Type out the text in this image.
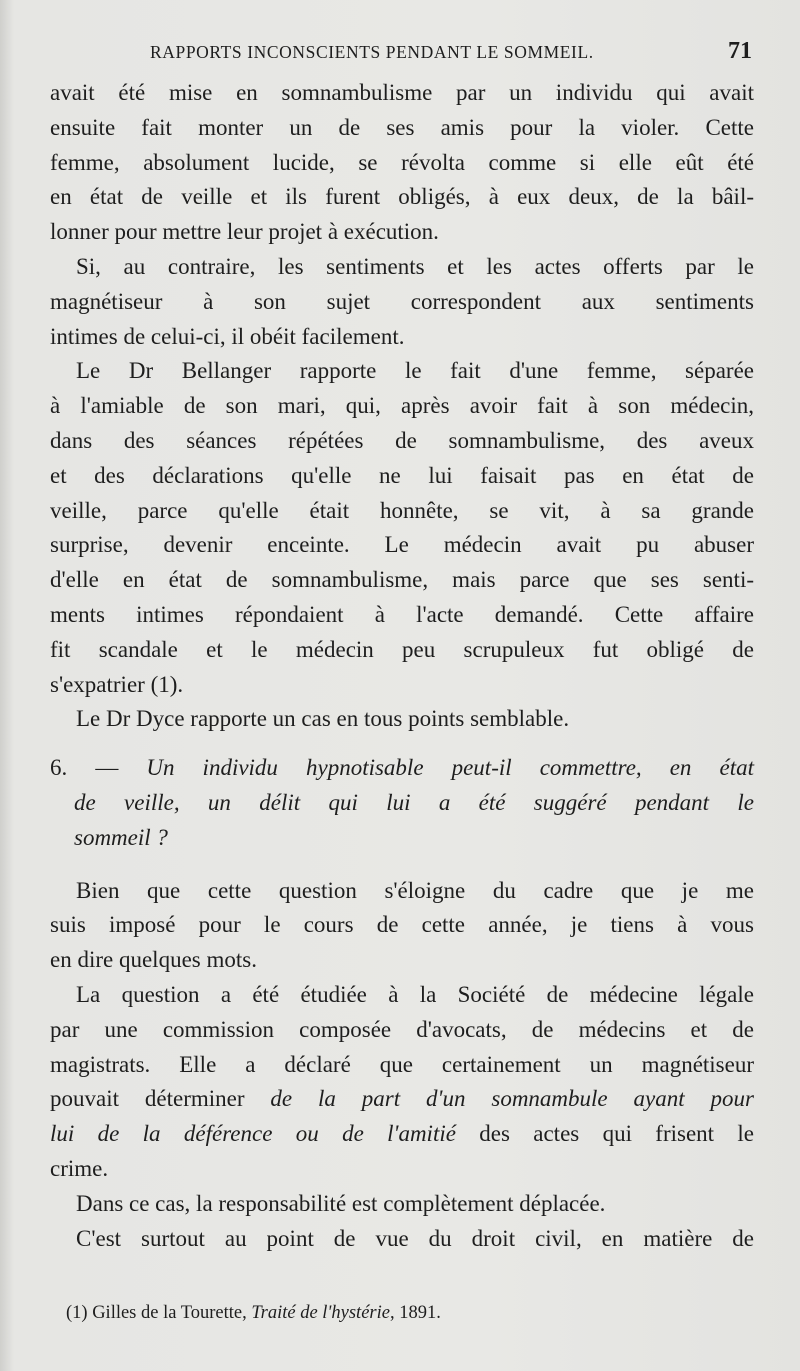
RAPPORTS INCONSCIENTS PENDANT LE SOMMEIL.	71
avait été mise en somnambulisme par un individu qui avait
ensuite fait monter un de ses amis pour la violer. Cette
femme, absolument lucide, se révolta comme si elle eût été
en état de veille et ils furent obligés, à eux deux, de la bâil-
lonner pour mettre leur projet à exécution.
Si, au contraire, les sentiments et les actes offerts par le
magnétiseur à son sujet correspondent aux sentiments
intimes de celui-ci, il obéit facilement.
Le Dr Bellanger rapporte le fait d'une femme, séparée
à l'amiable de son mari, qui, après avoir fait à son médecin,
dans des séances répétées de somnambulisme, des aveux
et des déclarations qu'elle ne lui faisait pas en état de
veille, parce qu'elle était honnête, se vit, à sa grande
surprise, devenir enceinte. Le médecin avait pu abuser
d'elle en état de somnambulisme, mais parce que ses senti-
ments intimes répondaient à l'acte demandé. Cette affaire
fit scandale et le médecin peu scrupuleux fut obligé de
s'expatrier (1).
Le Dr Dyce rapporte un cas en tous points semblable.
6. — Un individu hypnotisable peut-il commettre, en état
de veille, un délit qui lui a été suggéré pendant le
sommeil ?
Bien que cette question s'éloigne du cadre que je me
suis imposé pour le cours de cette année, je tiens à vous
en dire quelques mots.
La question a été étudiée à la Société de médecine légale
par une commission composée d'avocats, de médecins et de
magistrats. Elle a déclaré que certainement un magnétiseur
pouvait déterminer de la part d'un somnambule ayant pour
lui de la déférence ou de l'amitié des actes qui frisent le
crime.
Dans ce cas, la responsabilité est complètement déplacée.
C'est surtout au point de vue du droit civil, en matière de
(1) Gilles de la Tourette, Traité de l'hystérie, 1891.
